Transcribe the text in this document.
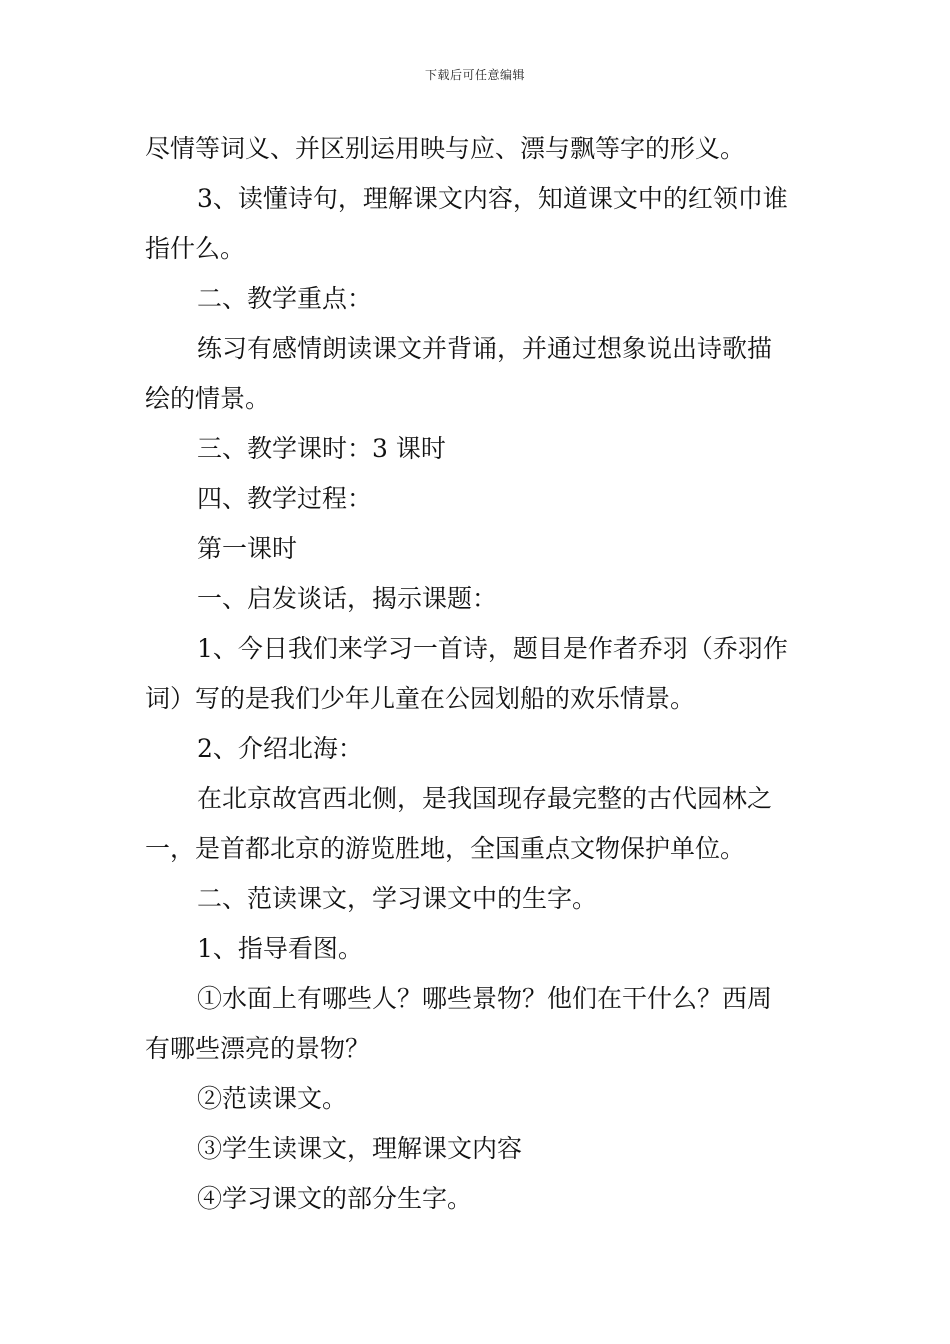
下载后可任意编辑
尽情等词义、并区别运用映与应、漂与飘等字的形义。
3、读懂诗句，理解课文内容，知道课文中的红领巾谁
指什么。
二、教学重点：
练习有感情朗读课文并背诵，并通过想象说出诗歌描
绘的情景。
三、教学课时：3 课时
四、教学过程：
第一课时
一、启发谈话，揭示课题：
1、今日我们来学习一首诗，题目是作者乔羽（乔羽作
词）写的是我们少年儿童在公园划船的欢乐情景。
2、介绍北海：
在北京故宫西北侧，是我国现存最完整的古代园林之
一，是首都北京的游览胜地，全国重点文物保护单位。
二、范读课文，学习课文中的生字。
1、指导看图。
①水面上有哪些人？哪些景物？他们在干什么？西周
有哪些漂亮的景物？
②范读课文。
③学生读课文，理解课文内容
④学习课文的部分生字。
